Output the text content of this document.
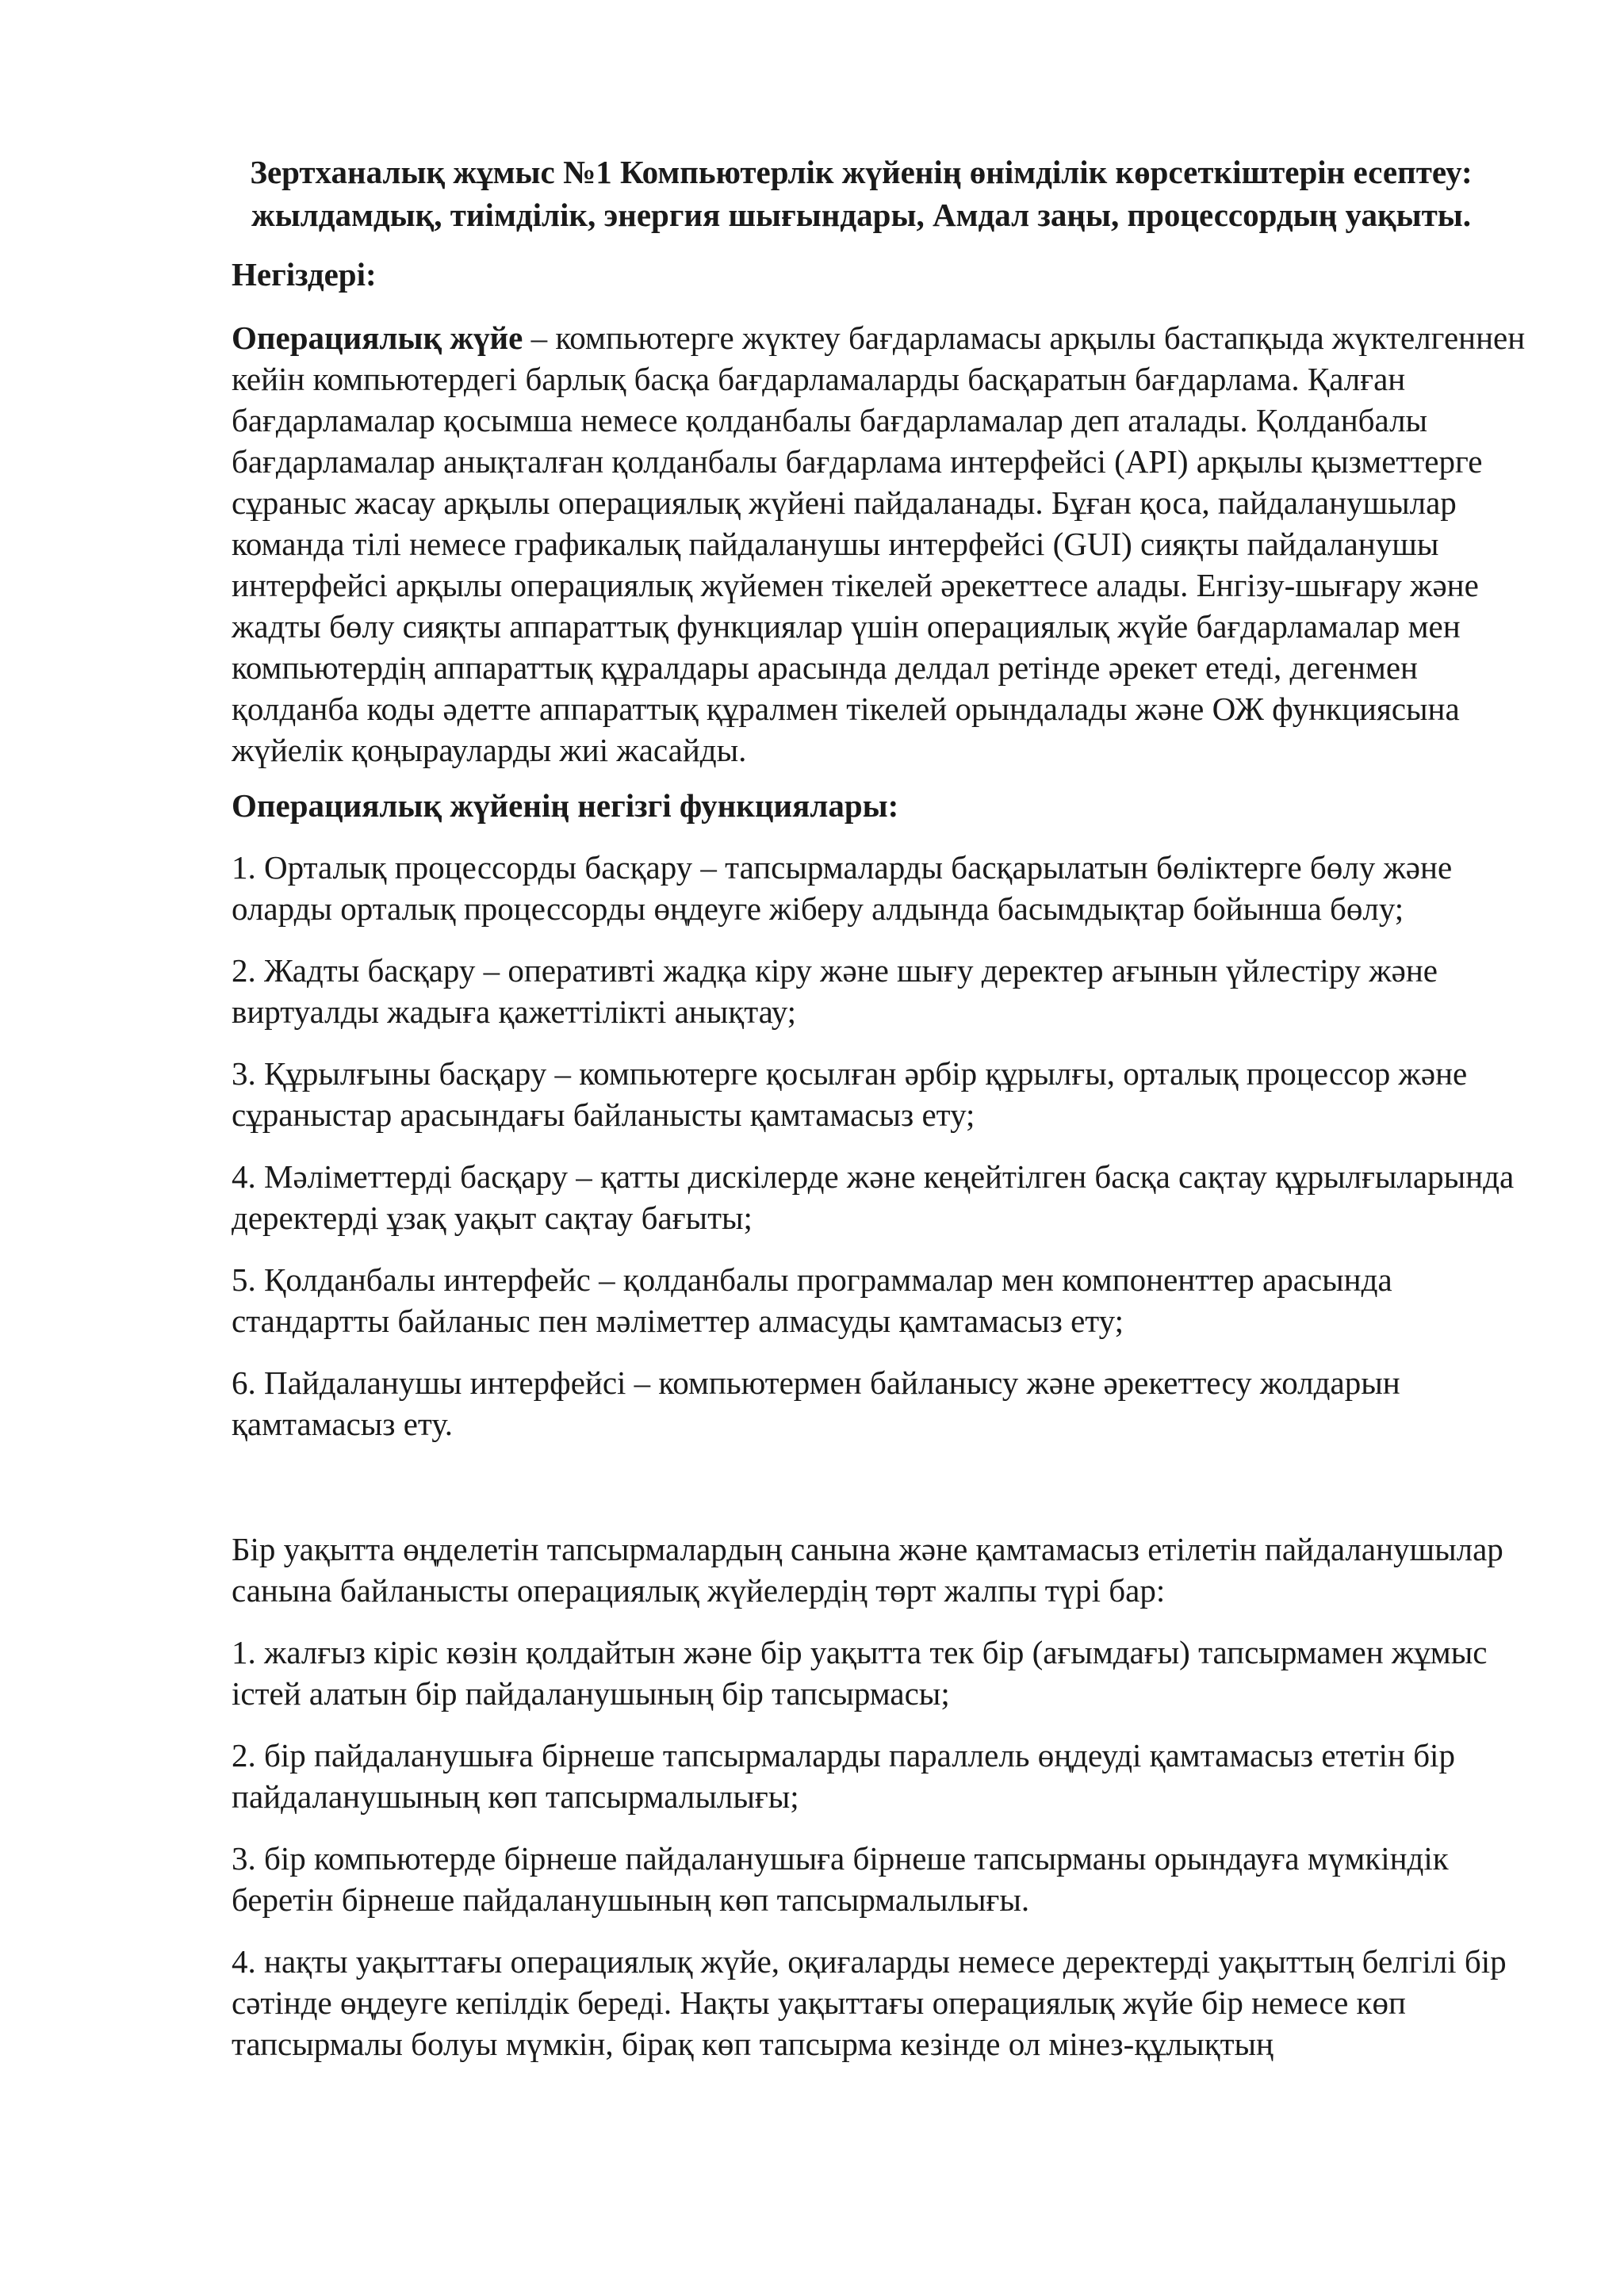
Зертханалық жұмыс №1 Компьютерлік жүйенің өнімділік көрсеткіштерін есептеу:
жылдамдық, тиімділік, энергия шығындары, Амдал заңы, процессордың уақыты.

Негіздері:

Операциялық жүйе – компьютерге жүктеу бағдарламасы арқылы бастапқыда жүктелгеннен кейін компьютердегі барлық басқа бағдарламаларды басқаратын бағдарлама. Қалған бағдарламалар қосымша немесе қолданбалы бағдарламалар деп аталады. Қолданбалы бағдарламалар анықталған қолданбалы бағдарлама интерфейсі (API) арқылы қызметтерге сұраныс жасау арқылы операциялық жүйені пайдаланады. Бұған қоса, пайдаланушылар команда тілі немесе графикалық пайдаланушы интерфейсі (GUI) сияқты пайдаланушы интерфейсі арқылы операциялық жүйемен тікелей әрекеттесе алады. Енгізу-шығару және жадты бөлу сияқты аппараттық функциялар үшін операциялық жүйе бағдарламалар мен компьютердің аппараттық құралдары арасында делдал ретінде әрекет етеді, дегенмен қолданба коды әдетте аппараттық құралмен тікелей орындалады және ОЖ функциясына жүйелік қоңырауларды жиі жасайды.

Операциялық жүйенің негізгі функциялары:

1. Орталық процессорды басқару – тапсырмаларды басқарылатын бөліктерге бөлу және оларды орталық процессорды өңдеуге жіберу алдында басымдықтар бойынша бөлу;

2. Жадты басқару – оперативті жадқа кіру және шығу деректер ағынын үйлестіру және виртуалды жадыға қажеттілікті анықтау;

3. Құрылғыны басқару – компьютерге қосылған әрбір құрылғы, орталық процессор және сұраныстар арасындағы байланысты қамтамасыз ету;

4. Мәліметтерді басқару – қатты дискілерде және кеңейтілген басқа сақтау құрылғыларында деректерді ұзақ уақыт сақтау бағыты;

5. Қолданбалы интерфейс – қолданбалы программалар мен компоненттер арасында стандартты байланыс пен мәліметтер алмасуды қамтамасыз ету;

6. Пайдаланушы интерфейсі – компьютермен байланысу және әрекеттесу жолдарын қамтамасыз ету.

Бір уақытта өңделетін тапсырмалардың санына және қамтамасыз етілетін пайдаланушылар санына байланысты операциялық жүйелердің төрт жалпы түрі бар:

1. жалғыз кіріс көзін қолдайтын және бір уақытта тек бір (ағымдағы) тапсырмамен жұмыс істей алатын бір пайдаланушының бір тапсырмасы;

2. бір пайдаланушыға бірнеше тапсырмаларды параллель өңдеуді қамтамасыз ететін бір пайдаланушының көп тапсырмалылығы;

3. бір компьютерде бірнеше пайдаланушыға бірнеше тапсырманы орындауға мүмкіндік беретін бірнеше пайдаланушының көп тапсырмалылығы.

4. нақты уақыттағы операциялық жүйе, оқиғаларды немесе деректерді уақыттың белгілі бір сәтінде өңдеуге кепілдік береді. Нақты уақыттағы операциялық жүйе бір немесе көп тапсырмалы болуы мүмкін, бірақ көп тапсырма кезінде ол мінез-құлықтың
